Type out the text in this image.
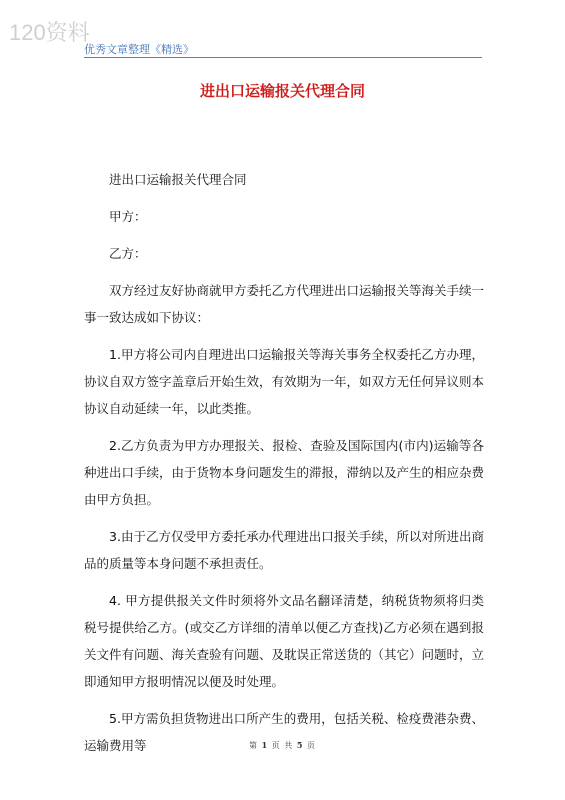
120资料
优秀文章整理《精选》
进出口运输报关代理合同

进出口运输报关代理合同

甲方：

乙方：

双方经过友好协商就甲方委托乙方代理进出口运输报关等海关手续一事一致达成如下协议：

1.甲方将公司内自理进出口运输报关等海关事务全权委托乙方办理，协议自双方签字盖章后开始生效，有效期为一年，如双方无任何异议则本协议自动延续一年，以此类推。

2.乙方负责为甲方办理报关、报检、查验及国际国内(市内)运输等各种进出口手续，由于货物本身问题发生的滞报，滞纳以及产生的相应杂费由甲方负担。

3.由于乙方仅受甲方委托承办代理进出口报关手续，所以对所进出商品的质量等本身问题不承担责任。

4. 甲方提供报关文件时须将外文品名翻译清楚，纳税货物须将归类税号提供给乙方。(或交乙方详细的清单以便乙方查找)乙方必须在遇到报关文件有问题、海关查验有问题、及耽误正常送货的（其它）问题时，立即通知甲方报明情况以便及时处理。

5.甲方需负担货物进出口所产生的费用，包括关税、检疫费港杂费、运输费用等	第 1 页 共 5 页
